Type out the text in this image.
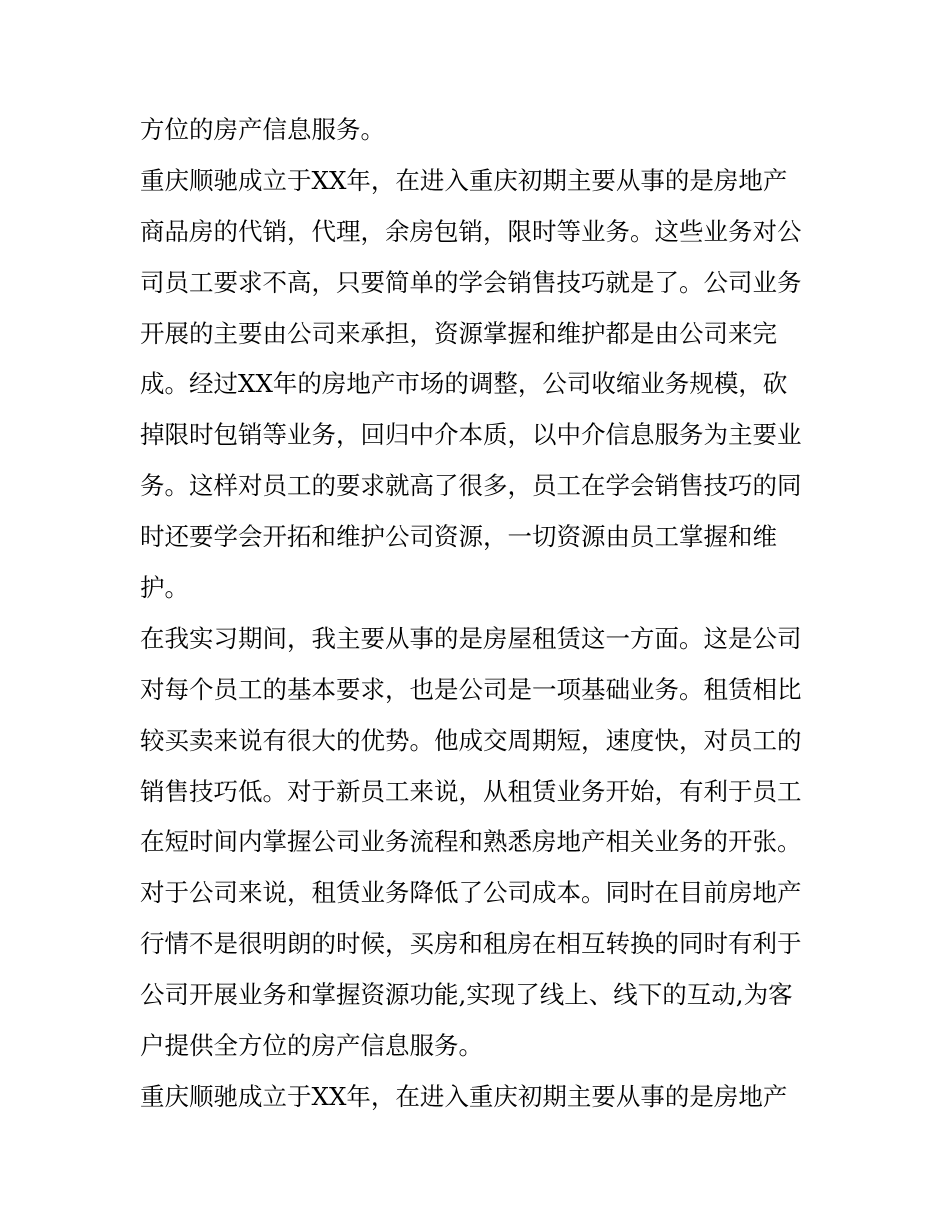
方位的房产信息服务。
重庆顺驰成立于XX年，在进入重庆初期主要从事的是房地产
商品房的代销，代理，余房包销，限时等业务。这些业务对公
司员工要求不高，只要简单的学会销售技巧就是了。公司业务
开展的主要由公司来承担，资源掌握和维护都是由公司来完
成。经过XX年的房地产市场的调整，公司收缩业务规模，砍
掉限时包销等业务，回归中介本质，以中介信息服务为主要业
务。这样对员工的要求就高了很多，员工在学会销售技巧的同
时还要学会开拓和维护公司资源，一切资源由员工掌握和维
护。
在我实习期间，我主要从事的是房屋租赁这一方面。这是公司
对每个员工的基本要求，也是公司是一项基础业务。租赁相比
较买卖来说有很大的优势。他成交周期短，速度快，对员工的
销售技巧低。对于新员工来说，从租赁业务开始，有利于员工
在短时间内掌握公司业务流程和熟悉房地产相关业务的开张。
对于公司来说，租赁业务降低了公司成本。同时在目前房地产
行情不是很明朗的时候，买房和租房在相互转换的同时有利于
公司开展业务和掌握资源功能,实现了线上、线下的互动,为客
户提供全方位的房产信息服务。
重庆顺驰成立于XX年，在进入重庆初期主要从事的是房地产
